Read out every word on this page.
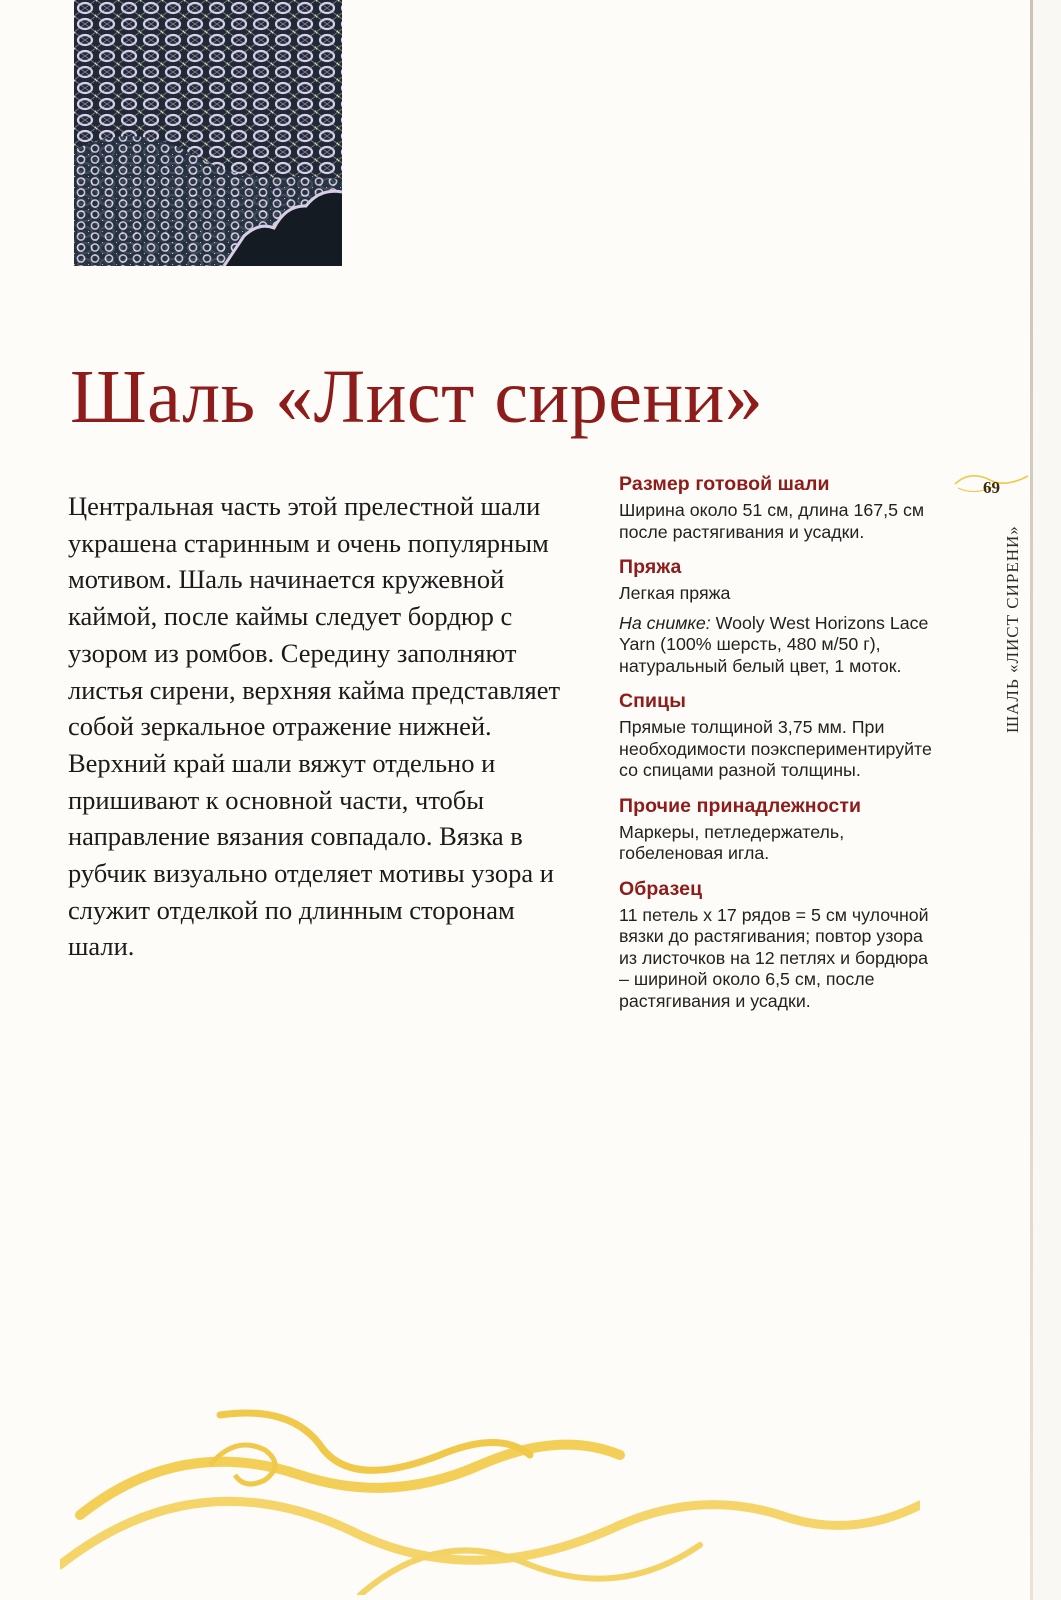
Шаль «Лист сирени»

Центральная часть этой прелестной шали украшена старинным и очень популярным мотивом. Шаль начинается кружевной каймой, после каймы следует бордюр с узором из ромбов. Середину заполняют листья сирени, верхняя кайма представляет собой зеркальное отражение нижней. Верхний край шали вяжут отдельно и пришивают к основной части, чтобы направление вязания совпадало. Вязка в рубчик визуально отделяет мотивы узора и служит отделкой по длинным сторонам шали.

Размер готовой шали

Ширина около 51 см, длина 167,5 см после растягивания и усадки.

Пряжа

Легкая пряжа

На снимке: Wooly West Horizons Lace Yarn (100% шерсть, 480 м/50 г), натуральный белый цвет, 1 моток.

Спицы

Прямые толщиной 3,75 мм. При необходимости поэкспериментируйте со спицами разной толщины.

Прочие принадлежности

Маркеры, петледержатель, гобеленовая игла.

Образец

11 петель х 17 рядов = 5 см чулочной вязки до растягивания; повтор узора из листочков на 12 петлях и бордюра – шириной около 6,5 см, после растягивания и усадки.

69
ШАЛЬ «ЛИСТ СИРЕНИ»
